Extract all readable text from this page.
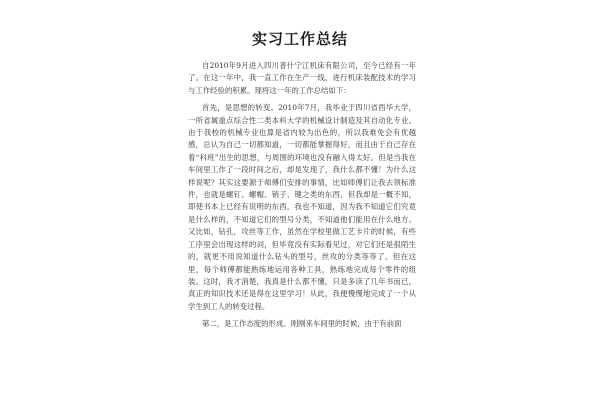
实习工作总结

自2010年9月进入四川普什宁江机床有限公司，至今已经有一年了。在这一年中，我一直工作在生产一线，进行机床装配技术的学习与工作经验的积累。现将这一年的工作总结如下：

首先，是思想的转变。2010年7月，我毕业于四川省西华大学，一所省属重点综合性二类本科大学的机械设计制造及其自动化专业。由于我校的机械专业也算是省内较为出色的，所以我难免会有优越感，总认为自己一切都知道，一切都能掌握得好，而且由于自己存在着“科班”出生的思想，与周围的环境也没有融入得太好。但是当我在车间里工作了一段时间之后，却是发现了，我什么都不懂！为什么这样说呢？其实这要源于师傅们安排的事情，比如师傅们让我去领标准件，也就是螺钉、螺帽、销子、键之类的东西，但我却是一概不知，即使书本上已经有说明的东西，我也不知道，因为我不知道它们究竟是什么样的，不知道它们的型号分类，不知道他们能用在什么地方。又比如，钻孔，攻丝等工作，虽然在学校里做工艺卡片的时候，有些工序里会出现这样的词，但毕竟没有实际看见过，对它们还是很陌生的，就更不用说知道什么钻头的型号，丝攻的分类等等了。但在这里，每个师傅都能熟练地运用各种工具，熟练地完成每个零件的组装。这时，我才消楚，我真是什么都不懂，只是多读了几年书而已，真正的知识技术还是得在这里学习！从此，我便慢慢地完成了一个从学生到工人的转变过程。

第二，是工作态度的形成。刚刚来车间里的时候，由于有前面
